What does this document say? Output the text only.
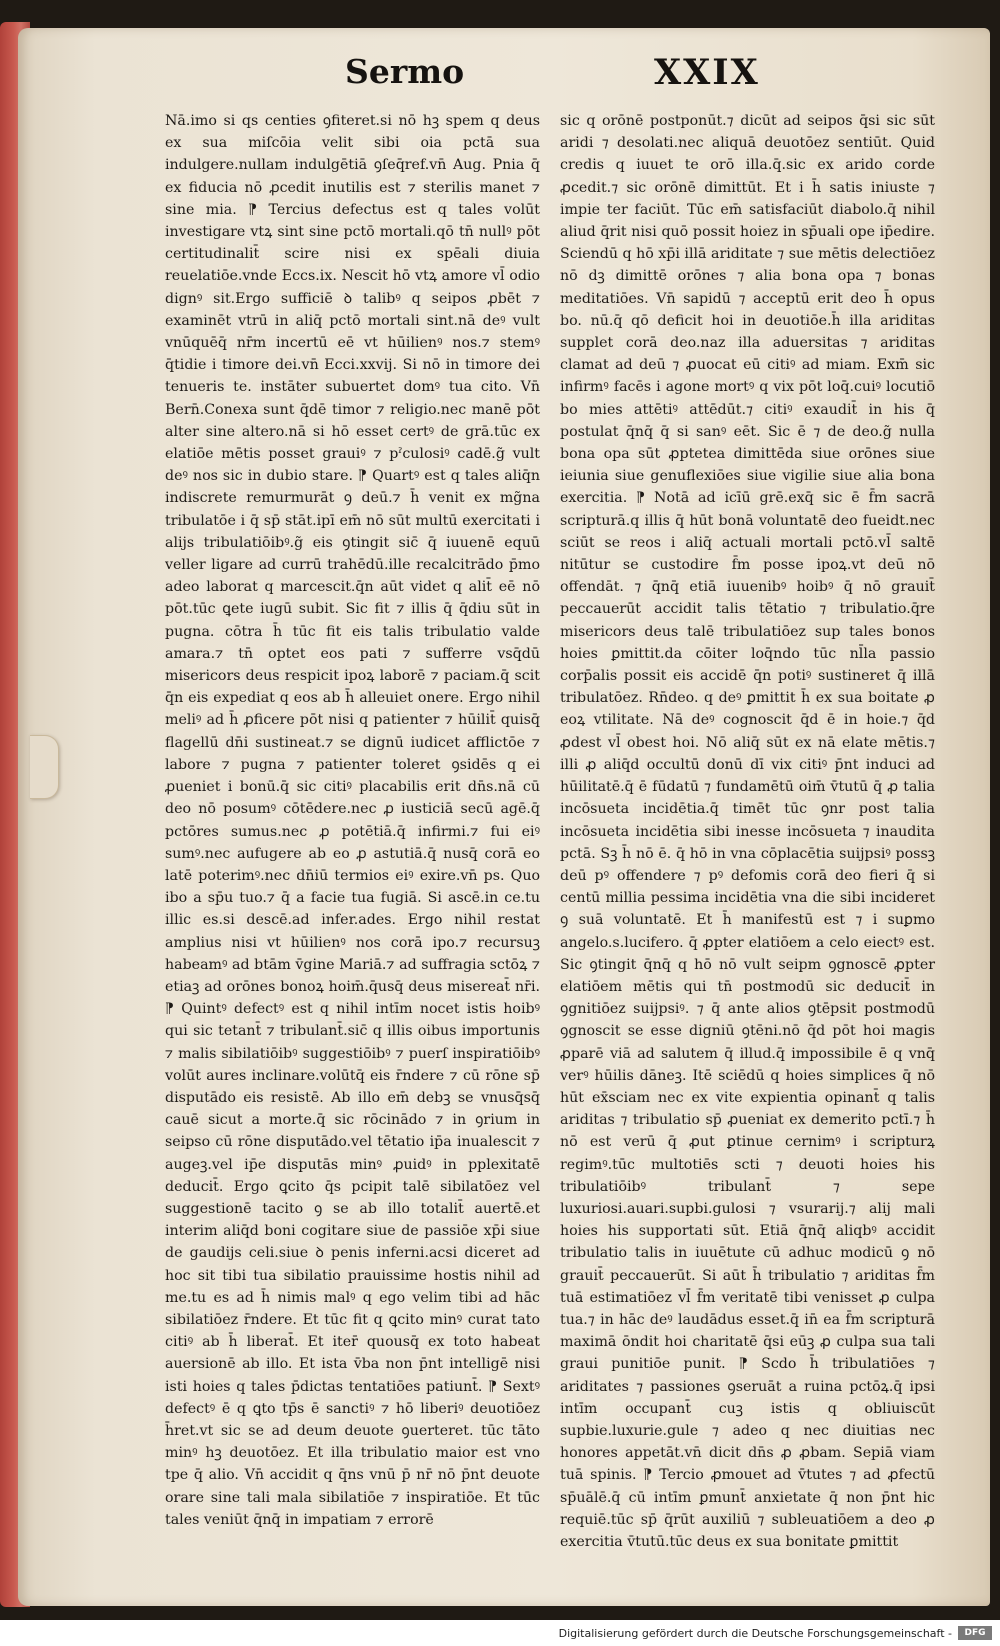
Sermo	XXIX

Nā.imo si qs centies ꝯfiteret.si nō hꝫ spem q deus ex sua miſcōia velit sibi oia pctā sua indulgere.nullam indulgētiā ꝯſeq̄ref.vn̄ Aug. Pnia q̄ ex fiducia nō ꝓcedit inutilis est ⁊ sterilis manet ⁊ sine mia. ⁋ Tercius defectus est q tales volūt investigare vtꝝ sint sine pctō mortali.qō tn̄ nullꝰ pōt certitudinalit̄ scire nisi ex spēali diuia reuelatiōe.vnde Eccs.ix. Nescit hō vtꝝ amore vl̄ odio dignꝰ sit.Ergo sufficiē ꝺ talibꝰ q seipos ꝓbēt ⁊ examinēt vtrū in aliq̄ pctō mortali sint.nā deꝰ vult vnūquēq̄ nr̄m incertū eē vt hūilienꝰ nos.⁊ stemꝰ q̄tidie i timore dei.vn̄ Ecci.xxvij. Si nō in timore dei tenueris te. instāter subuertet domꝰ tua cito. Vn̄ Bern̄.Conexa sunt q̄dē timor ⁊ religio.nec manē pōt alter sine altero.nā si hō esset certꝰ de grā.tūc ex elatiōe mētis posset grauiꝰ ⁊ pˀculosiꝰ cadē.g̃ vult deꝰ nos sic in dubio stare. ⁋ Quartꝰ est q tales aliq̄n indiscrete remurmurāt ꝯ deū.⁊ h̄ venit ex mg̃na tribulatōe i q̄ sp̄ stāt.ipī em̄ nō sūt multū exercitati i alijs tribulatiōibꝰ.g̃ eis ꝯtingit sic̄ q̄ iuuenē equū veller ligare ad currū trahēdū.ille recalcitrādo p̄mo adeo laborat q marcescit.q̄n aūt videt q alit̄ eē nō pōt.tūc ꝗete iugū subit. Sic fit ⁊ illis q̄ q̄diu sūt in pugna. cōtra h̄ tūc fit eis talis tribulatio valde amara.⁊ tn̄ optet eos pati ⁊ sufferre vsq̄dū misericors deus respicit ipoꝝ laborē ⁊ paciam.q̄ scit q̄n eis expediat q eos ab h̄ alleuiet onere. Ergo nihil meliꝰ ad h̄ ꝓficere pōt nisi q patienter ⁊ hūilit̄ quisq̄ flagellū dn̄i sustineat.⁊ se dignū iudicet afflictōe ⁊ labore ⁊ pugna ⁊ patienter toleret ꝯsidēs q ei ꝓueniet i bonū.q̄ sic citiꝰ placabilis erit dn̄s.nā cū deo nō posumꝰ cōtēdere.nec ꝓ iusticiā secū agē.q̄ pctōres sumus.nec ꝓ potētiā.q̄ infirmi.⁊ fui eiꝰ sumꝰ.nec aufugere ab eo ꝓ astutiā.q̄ nusq̄ corā eo latē poterimꝰ.nec dn̄iū termios eiꝰ exire.vn̄ ps. Quo ibo a sp̄u tuo.⁊ q̄ a facie tua fugiā. Si ascē.in ce.tu illic es.si descē.ad infer.ades. Ergo nihil restat amplius nisi vt hūilienꝰ nos corā ipo.⁊ recursuꝫ habeamꝰ ad btām v̄gine Mariā.⁊ ad suffragia sctōꝝ ⁊ etiaꝫ ad orōnes bonoꝝ hoim̄.q̄usq̄ deus misereat̄ nr̄i. ⁋ Quintꝰ defectꝰ est q nihil intīm nocet istis hoibꝰ qui sic tetant̄ ⁊ tribulant̄.sic̄ q illis oibus importunis ⁊ malis sibilatiōibꝰ suggestiōibꝰ ⁊ puerſ inspiratiōibꝰ volūt aures inclinare.volūtq̄ eis r̄ndere ⁊ cū rōne sp̄ disputādo eis resistē. Ab illo em̄ debꝫ se vnusq̄sq̄ cauē sicut a morte.q̄ sic rōcinādo ⁊ in ꝯrium in seipso cū rōne disputādo.vel tētatio ip̄a inualescit ⁊ augeꝫ.vel ip̄e disputās minꝰ ꝓuidꝰ in pplexitatē deducit̄. Ergo ꝗcito q̄s pcipit talē sibilatōez vel suggestionē tacito ꝯ se ab illo totalit̄ auertē.et interim aliq̄d boni cogitare siue de passiōe xp̄i siue de gaudijs celi.siue ꝺ penis inferni.acsi diceret ad hoc sit tibi tua sibilatio prauissime hostis nihil ad me.tu es ad h̄ nimis malꝰ q ego velim tibi ad hāc sibilatiōez r̄ndere. Et tūc fit q ꝗcito minꝰ curat tato citiꝰ ab h̄ liberat̄. Et iter̄ quousq̄ ex toto habeat auersionē ab illo. Et ista v̄ba non p̄nt intelligē nisi isti hoies q tales p̄dictas tentatiōes patiunt̄. ⁋ Sextꝰ defectꝰ ē q ꝗto tp̄s ē sanctiꝰ ⁊ hō liberiꝰ deuotiōez h̄ret.vt sic se ad deum deuote ꝯuerteret. tūc tāto minꝰ hꝫ deuotōez. Et illa tribulatio maior est vno tpe q̄ alio. Vn̄ accidit q q̄ns vnū p̄ nr̄ nō p̄nt deuote orare sine tali mala sibilatiōe ⁊ inspiratiōe. Et tūc tales veniūt q̄nq̄ in impatiam ⁊ errorē

sic q orōnē postponūt.⁊ dicūt ad seipos q̄si sic sūt aridi ⁊ desolati.nec aliquā deuotōez sentiūt. Quid credis q iuuet te orō illa.q̄.sic ex arido corde ꝓcedit.⁊ sic orōnē dimittūt. Et i h̄ satis iniuste ⁊ impie ter faciūt. Tūc em̄ satisfaciūt diabolo.q̄ nihil aliud q̄rit nisi quō possit hoiez in sp̄uali ope ip̄edire. Sciendū q hō xp̄i illā ariditate ⁊ sue mētis delectiōez nō dꝫ dimittē orōnes ⁊ alia bona opa ⁊ bonas meditatiōes. Vn̄ sapidū ⁊ acceptū erit deo h̄ opus bo. nū.q̄ qō deficit hoi in deuotiōe.h̄ illa ariditas supplet corā deo.naz illa aduersitas ⁊ ariditas clamat ad deū ⁊ ꝓuocat eū citiꝰ ad miam. Exm̄ sic infirmꝰ facēs i agone mortꝰ q vix pōt loq̄.cuiꝰ locutiō bo mies attētiꝰ attēdūt.⁊ citiꝰ exaudit̄ in his q̄ postulat q̄nq̄ q̄ si sanꝰ eēt. Sic ē ⁊ de deo.g̃ nulla bona opa sūt ꝓptetea dimittēda siue orōnes siue ieiunia siue genuflexiōes siue vigilie siue alia bona exercitia. ⁋ Notā ad icīū grē.exq̄ sic ē f̄m sacrā scripturā.q illis q̄ hūt bonā voluntatē deo fueidt.nec sciūt se reos i aliq̄ actuali mortali pctō.vl̄ saltē nitūtur se custodire f̄m posse ipoꝝ.vt deū nō offendāt. ⁊ q̄nq̄ etiā iuuenibꝰ hoibꝰ q̄ nō grauit̄ peccauerūt accidit talis tētatio ⁊ tribulatio.q̄re misericors deus talē tribulatiōez sup tales bonos hoies ꝑmittit.da cōiter loq̄ndo tūc nl̄la passio corp̄alis possit eis accidē q̄n potiꝰ sustineret q̄ illā tribulatōez. Rn̄deo. q deꝰ ꝑmittit h̄ ex sua boitate ꝓ eoꝝ vtilitate. Nā deꝰ cognoscit q̄d ē in hoie.⁊ q̄d ꝓdest vl̄ obest hoi. Nō aliq̄ sūt ex nā elate mētis.⁊ illi ꝓ aliq̄d occultū donū dī vix citiꝰ p̄nt induci ad hūilitatē.q̄ ē fūdatū ⁊ fundamētū oim̄ v̄tutū q̄ ꝓ talia incōsueta incidētia.q̄ timēt tūc ꝯnr post talia incōsueta incidētia sibi inesse incōsueta ⁊ inaudita pctā. Sꝫ h̄ nō ē. q̄ hō in vna cōplacētia suijpsiꝰ possꝫ deū pꝰ offendere ⁊ pꝰ defomis corā deo fieri q̄ si centū millia pessima incidētia vna die sibi incideret ꝯ suā voluntatē. Et h̄ manifestū est ⁊ i suꝑmo angelo.s.lucifero. q̄ ꝓpter elatiōem a celo eiectꝰ est. Sic ꝯtingit q̄nq̄ q hō nō vult seipm ꝯgnoscē ꝓpter elatiōem mētis qui tn̄ postmodū sic deducit̄ in ꝯgnitiōez suijpsiꝰ. ⁊ q̄ ante alios ꝯtēpsit postmodū ꝯgnoscit se esse digniū ꝯtēni.nō q̄d pōt hoi magis ꝓparē viā ad salutem q̄ illud.q̄ impossibile ē q vnq̄ verꝰ hūilis dāneꝫ. Itē sciēdū q hoies simplices q̄ nō hūt ex̄sciam nec ex vite expientia opinant̄ q talis ariditas ⁊ tribulatio sp̄ ꝓueniat ex demerito pctī.⁊ h̄ nō est verū q̄ ꝓut ꝑtinue cernimꝰ i scripturꝝ regimꝰ.tūc multotiēs scti ⁊ deuoti hoies his tribulatiōibꝰ tribulant̄ ⁊ sepe luxuriosi.auari.supbi.gulosi ⁊ vsurarij.⁊ alij mali hoies his supportati sūt. Etiā q̄nq̄ aliqbꝰ accidit tribulatio talis in iuuētute cū adhuc modicū ꝯ nō grauit̄ peccauerūt. Si aūt h̄ tribulatio ⁊ ariditas f̄m tuā estimatiōez vl̄ f̄m veritatē tibi venisset ꝓ culpa tua.⁊ in hāc deꝰ laudādus esset.q̄ in̄ ea f̄m scripturā maximā ōndit hoi charitatē q̄si eūꝫ ꝓ culpa sua tali graui punitiōe punit. ⁋ Scdo h̄ tribulatiōes ⁊ ariditates ⁊ passiones ꝯseruāt a ruina pctōꝝ.q̄ ipsi intīm occupant̄ cuꝫ istis q obliuiscūt supbie.luxurie.gule ⁊ adeo q nec diuitias nec honores appetāt.vn̄ dicit dn̄s ꝓ ꝓbam. Sepiā viam tuā spinis. ⁋ Tercio ꝓmouet ad v̄tutes ⁊ ad ꝓfectū sp̄uālē.q̄ cū intīm ꝑmunt̄ anxietate q̄ non p̄nt hic requiē.tūc sp̄ q̄rūt auxiliū ⁊ subleuatiōem a deo ꝓ exercitia v̄tutū.tūc deus ex sua bonitate ꝑmittit

Digitalisierung gefördert durch die Deutsche Forschungsgemeinschaft -	DFG
